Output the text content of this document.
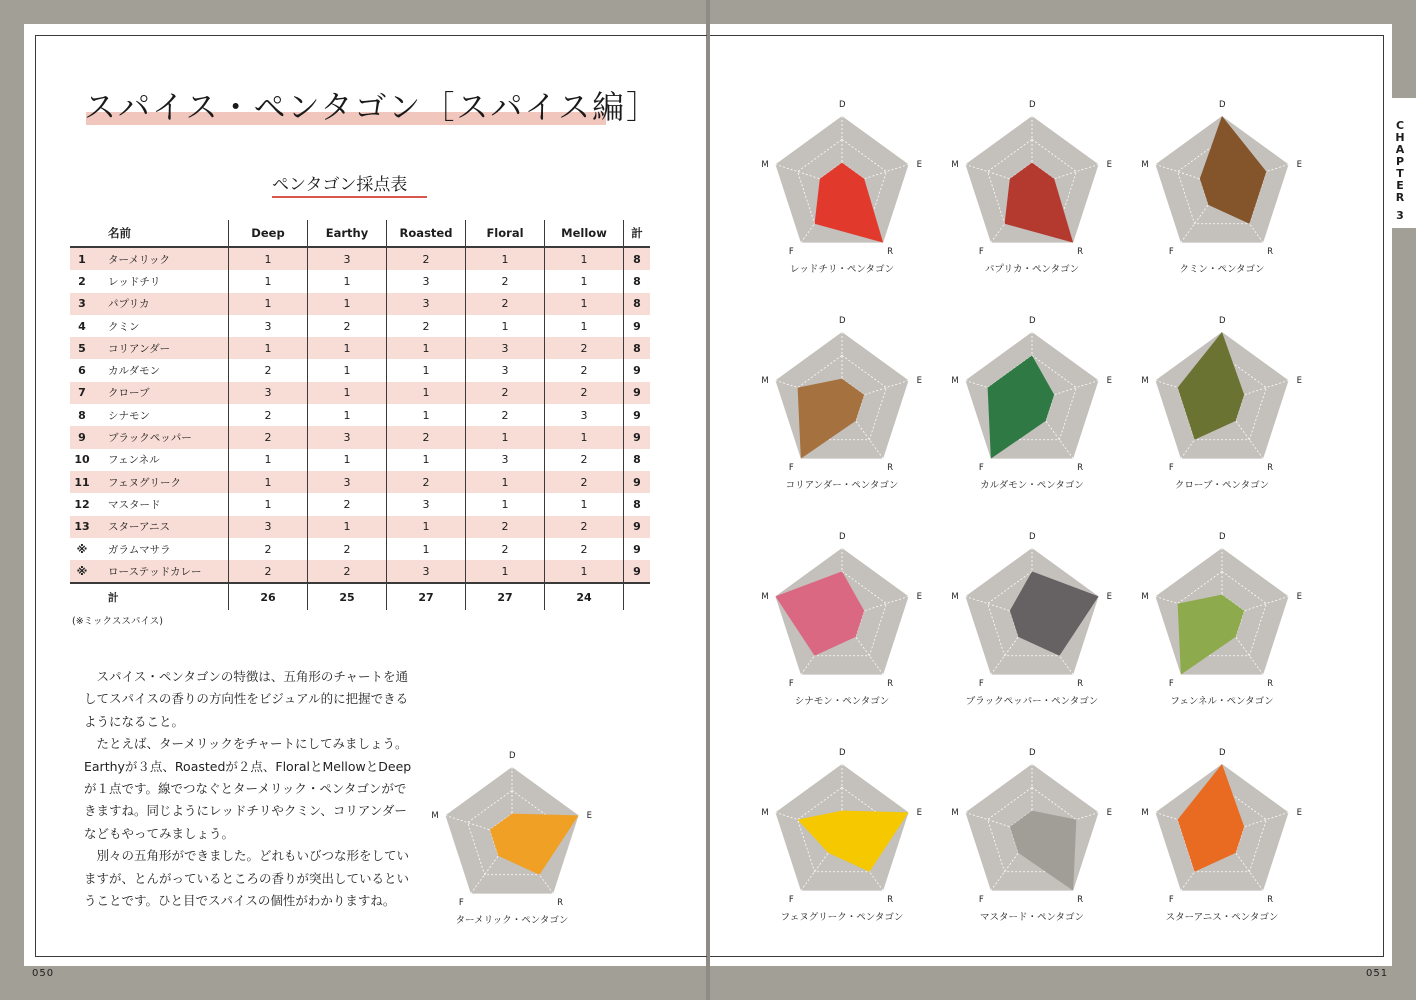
スパイス・ペンタゴン［スパイス編］
ペンタゴン採点表
	名前	Deep	Earthy	Roasted	Floral	Mellow	計
1	ターメリック	1	3	2	1	1	8
2	レッドチリ	1	1	3	2	1	8
3	パプリカ	1	1	3	2	1	8
4	クミン	3	2	2	1	1	9
5	コリアンダー	1	1	1	3	2	8
6	カルダモン	2	1	1	3	2	9
7	クローブ	3	1	1	2	2	9
8	シナモン	2	1	1	2	3	9
9	ブラックペッパー	2	3	2	1	1	9
10	フェンネル	1	1	1	3	2	8
11	フェヌグリーク	1	3	2	1	2	9
12	マスタード	1	2	3	1	1	8
13	スターアニス	3	1	1	2	2	9
※	ガラムマサラ	2	2	1	2	2	9
※	ローステッドカレー	2	2	3	1	1	9
	計	26	25	27	27	24	
(※ミックススパイス)

スパイス・ペンタゴンの特徴は、五角形のチャートを通してスパイスの香りの方向性をビジュアル的に把握できるようになること。

たとえば、ターメリックをチャートにしてみましょう。Earthyが３点、Roastedが２点、FloralとMellowとDeepが１点です。線でつなぐとターメリック・ペンタゴンができますね。同じようにレッドチリやクミン、コリアンダーなどもやってみましょう。

別々の五角形ができました。どれもいびつな形をしていますが、とんがっているところの香りが突出しているということです。ひと目でスパイスの個性がわかりますね。

C
H
A
P
T
E
R

3
D
E
R
F
M
ターメリック・ペンタゴン
D
E
R
F
M
レッドチリ・ペンタゴン
D
E
R
F
M
パプリカ・ペンタゴン
D
E
R
F
M
クミン・ペンタゴン
D
E
R
F
M
コリアンダー・ペンタゴン
D
E
R
F
M
カルダモン・ペンタゴン
D
E
R
F
M
クローブ・ペンタゴン
D
E
R
F
M
シナモン・ペンタゴン
D
E
R
F
M
ブラックペッパー・ペンタゴン
D
E
R
F
M
フェンネル・ペンタゴン
D
E
R
F
M
フェヌグリーク・ペンタゴン
D
E
R
F
M
マスタード・ペンタゴン
D
E
R
F
M
スターアニス・ペンタゴン
050	051
